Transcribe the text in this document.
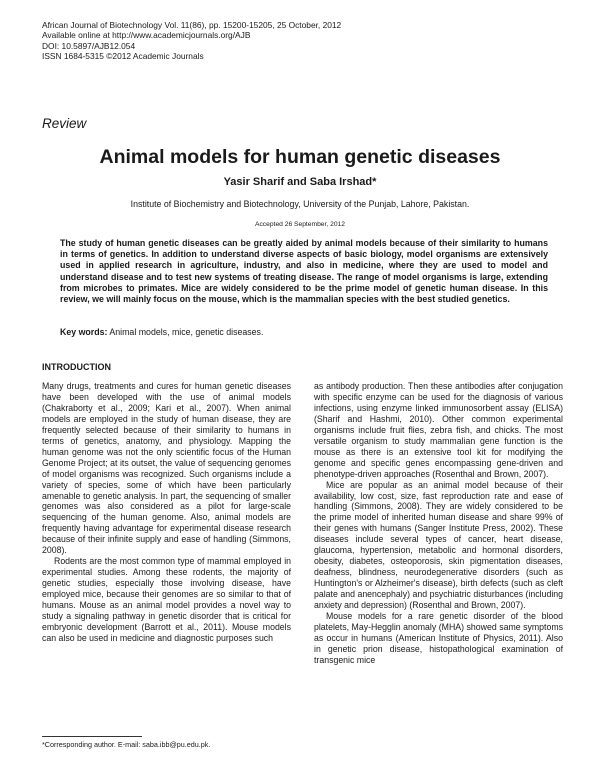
African Journal of Biotechnology Vol. 11(86), pp. 15200-15205, 25 October, 2012
Available online at http://www.academicjournals.org/AJB
DOI: 10.5897/AJB12.054
ISSN 1684-5315 ©2012 Academic Journals
Review
Animal models for human genetic diseases
Yasir Sharif and Saba Irshad*
Institute of Biochemistry and Biotechnology, University of the Punjab, Lahore, Pakistan.
Accepted 26 September, 2012
The study of human genetic diseases can be greatly aided by animal models because of their similarity to humans in terms of genetics. In addition to understand diverse aspects of basic biology, model organisms are extensively used in applied research in agriculture, industry, and also in medicine, where they are used to model and understand disease and to test new systems of treating disease. The range of model organisms is large, extending from microbes to primates. Mice are widely considered to be the prime model of genetic human disease. In this review, we will mainly focus on the mouse, which is the mammalian species with the best studied genetics.
Key words: Animal models, mice, genetic diseases.
INTRODUCTION

Many drugs, treatments and cures for human genetic diseases have been developed with the use of animal models (Chakraborty et al., 2009; Kari et al., 2007). When animal models are employed in the study of human disease, they are frequently selected because of their similarity to humans in terms of genetics, anatomy, and physiology. Mapping the human genome was not the only scientific focus of the Human Genome Project; at its outset, the value of sequencing genomes of model organisms was recognized. Such organisms include a variety of species, some of which have been particularly amenable to genetic analysis. In part, the sequencing of smaller genomes was also considered as a pilot for large-scale sequencing of the human genome. Also, animal models are frequently having advantage for experimental disease research because of their infinite supply and ease of handling (Simmons, 2008).

Rodents are the most common type of mammal employed in experimental studies. Among these rodents, the majority of genetic studies, especially those involving disease, have employed mice, because their genomes are so similar to that of humans. Mouse as an animal model provides a novel way to study a signaling pathway in genetic disorder that is critical for embryonic development (Barrott et al., 2011). Mouse models can also be used in medicine and diagnostic purposes such

as antibody production. Then these antibodies after conjugation with specific enzyme can be used for the diagnosis of various infections, using enzyme linked immunosorbent assay (ELISA) (Sharif and Hashmi, 2010). Other common experimental organisms include fruit flies, zebra fish, and chicks. The most versatile organism to study mammalian gene function is the mouse as there is an extensive tool kit for modifying the genome and specific genes encompassing gene-driven and phenotype-driven approaches (Rosenthal and Brown, 2007).

Mice are popular as an animal model because of their availability, low cost, size, fast reproduction rate and ease of handling (Simmons, 2008). They are widely considered to be the prime model of inherited human disease and share 99% of their genes with humans (Sanger Institute Press, 2002). These diseases include several types of cancer, heart disease, glaucoma, hypertension, metabolic and hormonal disorders, obesity, diabetes, osteoporosis, skin pigmentation diseases, deafness, blindness, neurodegenerative disorders (such as Huntington's or Alzheimer's disease), birth defects (such as cleft palate and anencephaly) and psychiatric disturbances (including anxiety and depression) (Rosenthal and Brown, 2007).

Mouse models for a rare genetic disorder of the blood platelets, May-Hegglin anomaly (MHA) showed same symptoms as occur in humans (American Institute of Physics, 2011). Also in genetic prion disease, histopathological examination of transgenic mice

*Corresponding author. E-mail: saba.ibb@pu.edu.pk.
